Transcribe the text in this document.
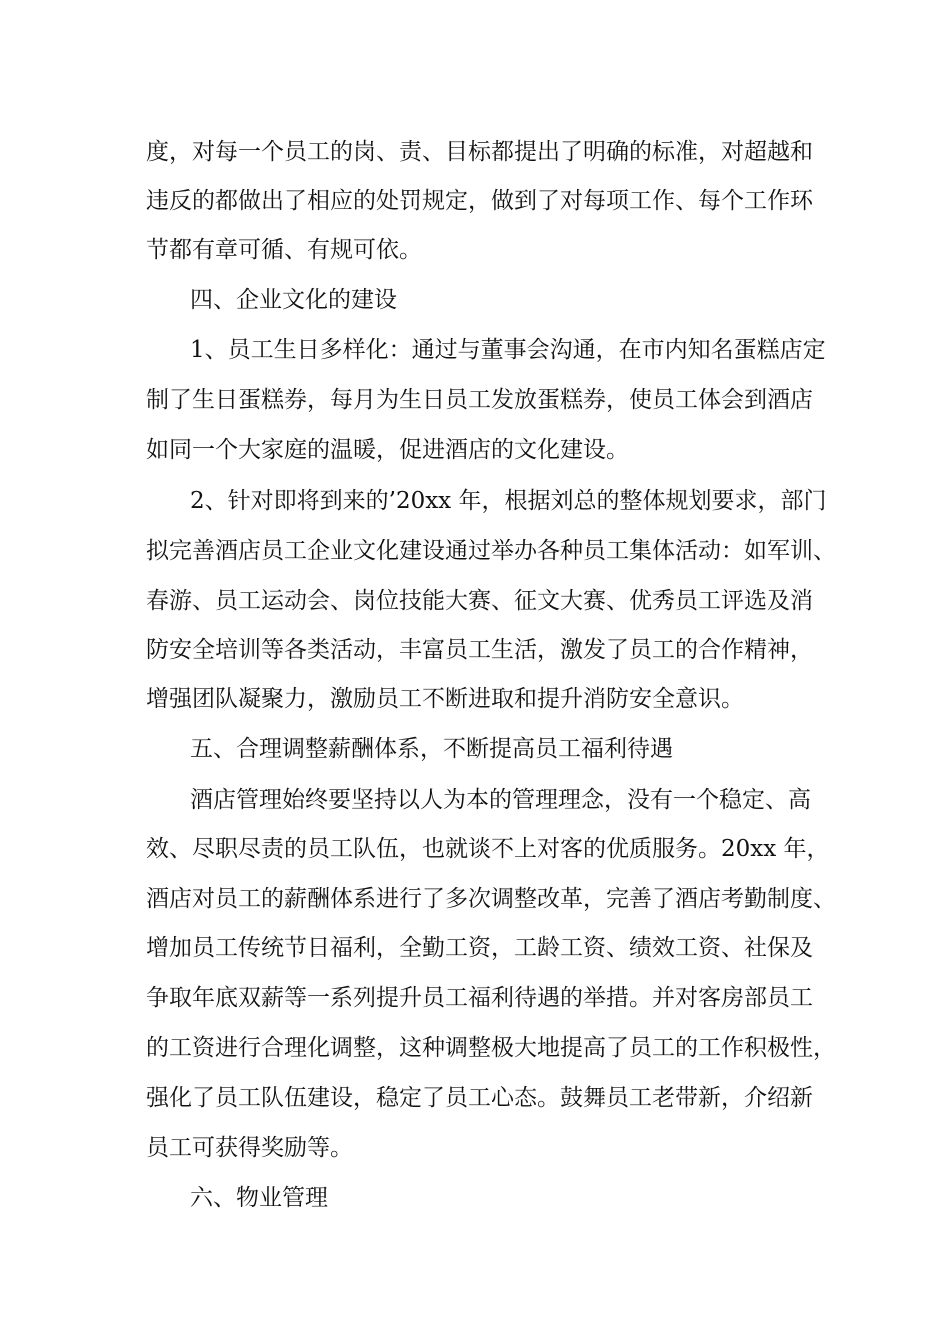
度，对每一个员工的岗、责、目标都提出了明确的标准，对超越和
违反的都做出了相应的处罚规定，做到了对每项工作、每个工作环
节都有章可循、有规可依。
四、企业文化的建设
1、员工生日多样化：通过与董事会沟通，在市内知名蛋糕店定
制了生日蛋糕券，每月为生日员工发放蛋糕券，使员工体会到酒店
如同一个大家庭的温暖，促进酒店的文化建设。
2、针对即将到来的’20xx 年，根据刘总的整体规划要求，部门
拟完善酒店员工企业文化建设通过举办各种员工集体活动：如军训、
春游、员工运动会、岗位技能大赛、征文大赛、优秀员工评选及消
防安全培训等各类活动，丰富员工生活，激发了员工的合作精神，
增强团队凝聚力，激励员工不断进取和提升消防安全意识。
五、合理调整薪酬体系，不断提高员工福利待遇
酒店管理始终要坚持以人为本的管理理念，没有一个稳定、高
效、尽职尽责的员工队伍，也就谈不上对客的优质服务。20xx 年，
酒店对员工的薪酬体系进行了多次调整改革，完善了酒店考勤制度、
增加员工传统节日福利，全勤工资，工龄工资、绩效工资、社保及
争取年底双薪等一系列提升员工福利待遇的举措。并对客房部员工
的工资进行合理化调整，这种调整极大地提高了员工的工作积极性，
强化了员工队伍建设，稳定了员工心态。鼓舞员工老带新，介绍新
员工可获得奖励等。
六、物业管理
